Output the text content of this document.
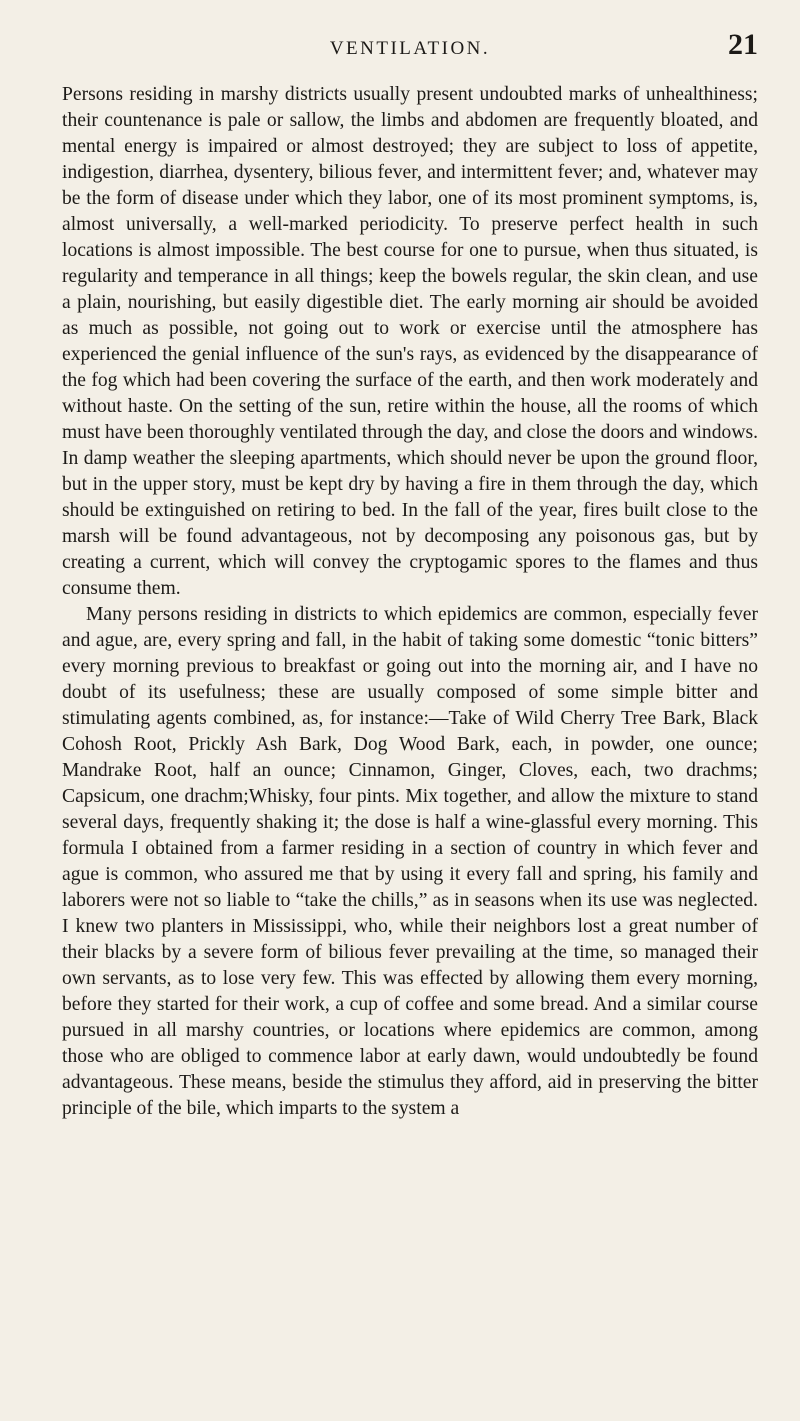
VENTILATION.	21

Persons residing in marshy districts usually present undoubted marks of unhealthiness; their countenance is pale or sallow, the limbs and abdomen are frequently bloated, and mental energy is impaired or almost destroyed; they are subject to loss of appetite, indigestion, diarrhea, dysentery, bilious fever, and intermittent fever; and, whatever may be the form of disease under which they labor, one of its most prominent symptoms, is, almost universally, a well-marked periodicity. To preserve perfect health in such locations is almost impossible. The best course for one to pursue, when thus situated, is regularity and temperance in all things; keep the bowels regular, the skin clean, and use a plain, nourishing, but easily digestible diet. The early morning air should be avoided as much as possible, not going out to work or exercise until the atmosphere has experienced the genial influence of the sun's rays, as evidenced by the disappearance of the fog which had been covering the surface of the earth, and then work moderately and without haste. On the setting of the sun, retire within the house, all the rooms of which must have been thoroughly ventilated through the day, and close the doors and windows. In damp weather the sleeping apartments, which should never be upon the ground floor, but in the upper story, must be kept dry by having a fire in them through the day, which should be extinguished on retiring to bed. In the fall of the year, fires built close to the marsh will be found advantageous, not by decomposing any poisonous gas, but by creating a current, which will convey the cryptogamic spores to the flames and thus consume them.

Many persons residing in districts to which epidemics are common, especially fever and ague, are, every spring and fall, in the habit of taking some domestic “tonic bitters” every morning previous to breakfast or going out into the morning air, and I have no doubt of its usefulness; these are usually composed of some simple bitter and stimulating agents combined, as, for instance:—Take of Wild Cherry Tree Bark, Black Cohosh Root, Prickly Ash Bark, Dog Wood Bark, each, in powder, one ounce; Mandrake Root, half an ounce; Cinnamon, Ginger, Cloves, each, two drachms; Capsicum, one drachm;Whisky, four pints. Mix together, and allow the mixture to stand several days, frequently shaking it; the dose is half a wine-glassful every morning. This formula I obtained from a farmer residing in a section of country in which fever and ague is common, who assured me that by using it every fall and spring, his family and laborers were not so liable to “take the chills,” as in seasons when its use was neglected. I knew two planters in Mississippi, who, while their neighbors lost a great number of their blacks by a severe form of bilious fever prevailing at the time, so managed their own servants, as to lose very few. This was effected by allowing them every morning, before they started for their work, a cup of coffee and some bread. And a similar course pursued in all marshy countries, or locations where epidemics are common, among those who are obliged to commence labor at early dawn, would undoubtedly be found advantageous. These means, beside the stimulus they afford, aid in preserving the bitter principle of the bile, which imparts to the system a
